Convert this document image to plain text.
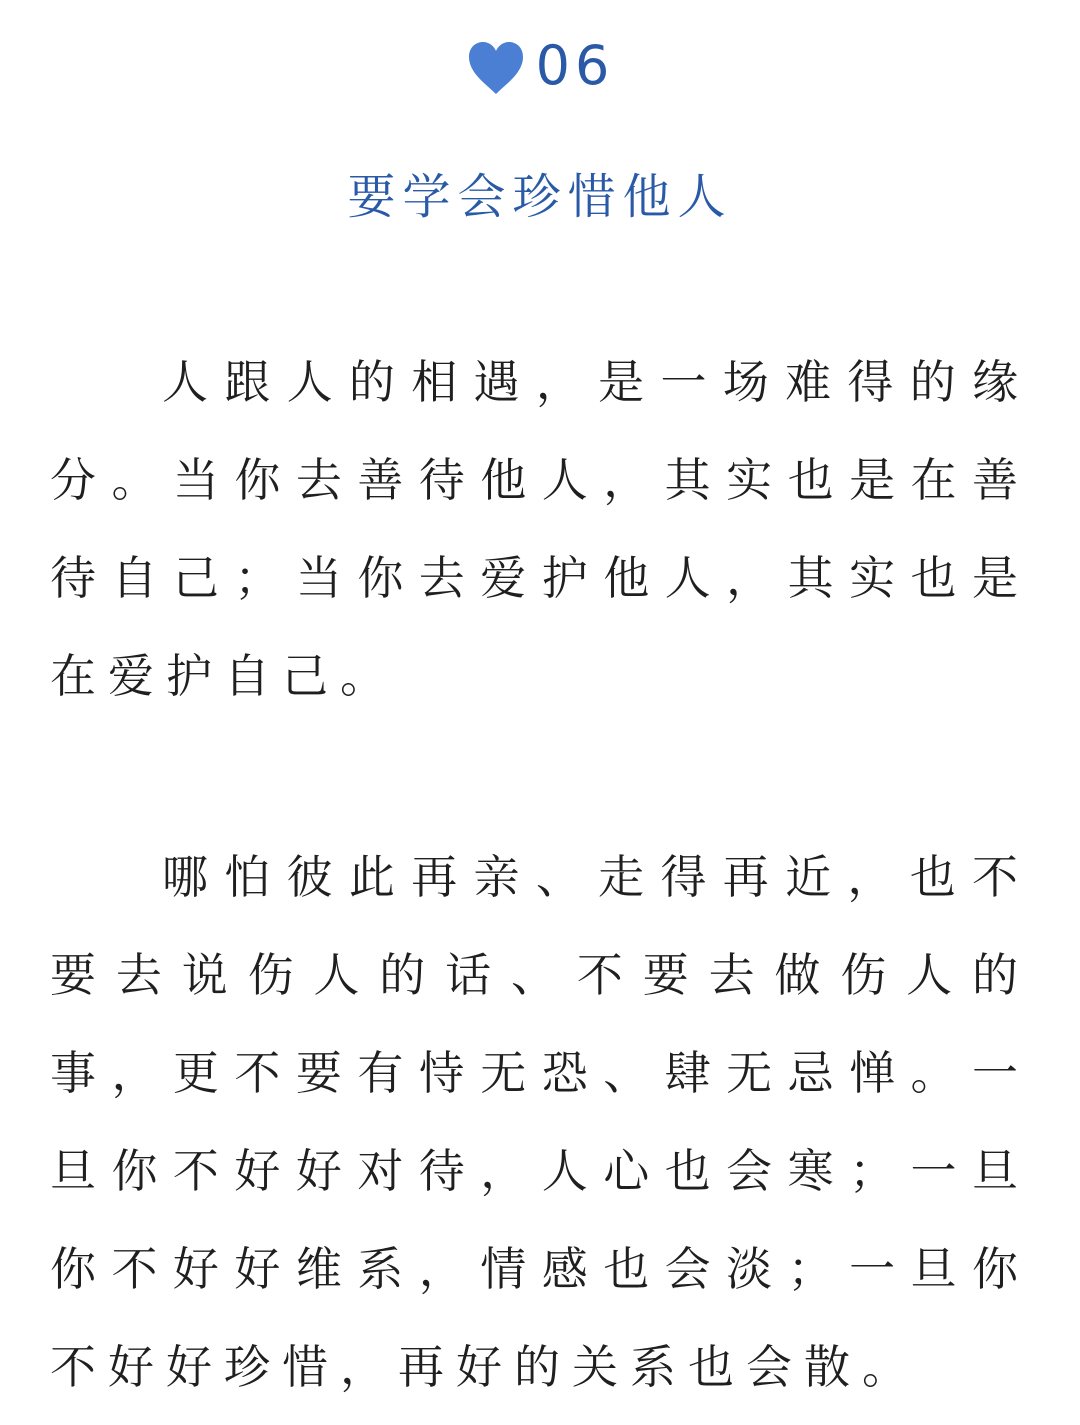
06
要学会珍惜他人

人跟人的相遇，是一场难得的缘分。当你去善待他人，其实也是在善待自己；当你去爱护他人，其实也是在爱护自己。

哪怕彼此再亲、走得再近，也不要去说伤人的话、不要去做伤人的事，更不要有恃无恐、肆无忌惮。一旦你不好好对待，人心也会寒；一旦你不好好维系，情感也会淡；一旦你不好好珍惜，再好的关系也会散。
